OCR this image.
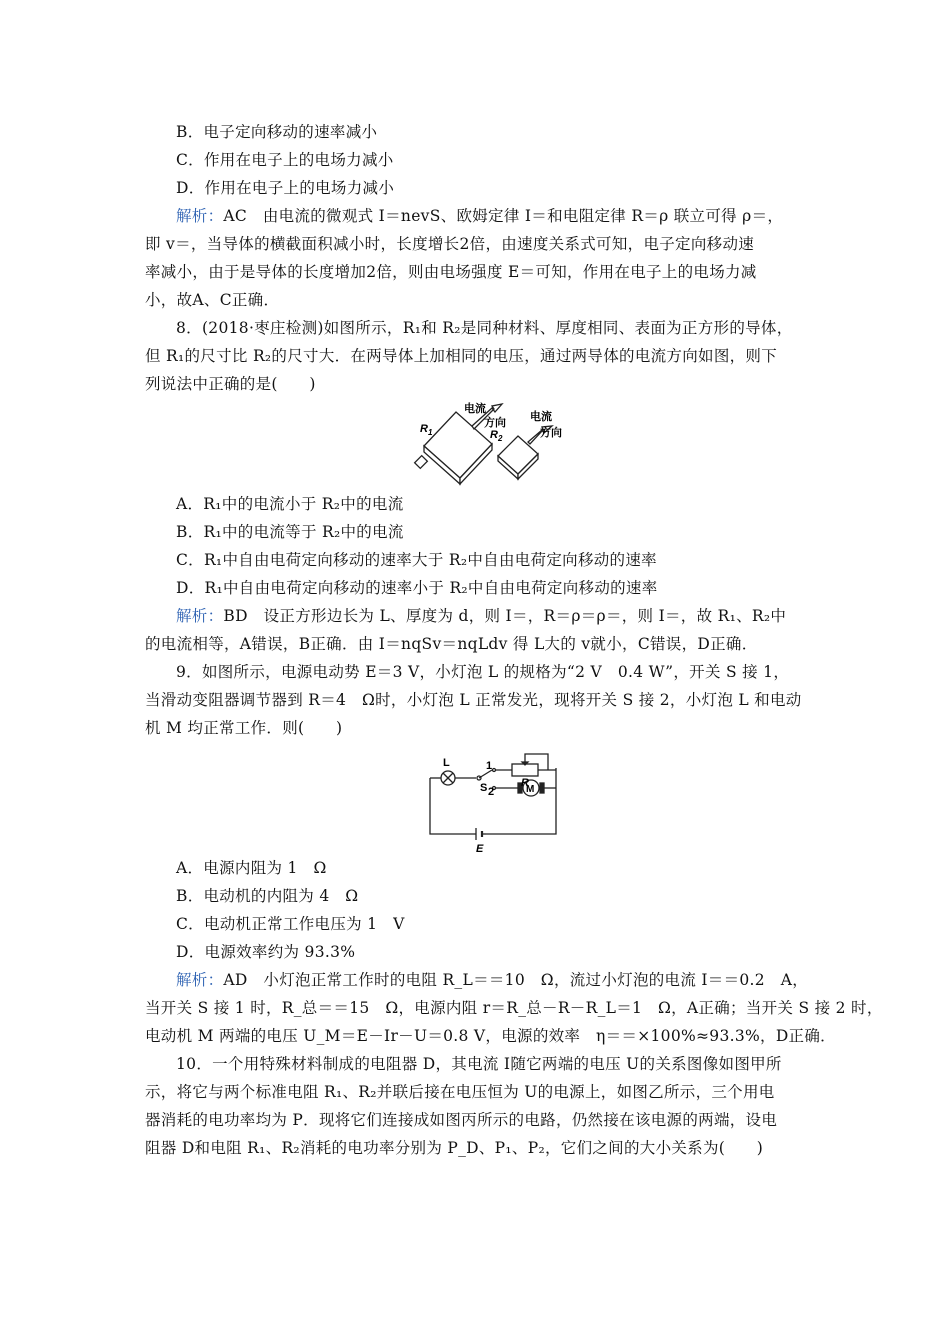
B．电子定向移动的速率减小
C．作用在电子上的电场力减小
D．作用在电子上的电场力减小
解析：AC　由电流的微观式 I＝nevS、欧姆定律 I＝和电阻定律 R＝ρ 联立可得 ρ＝，
即 v＝，当导体的横截面积减小时，长度增长2倍，由速度关系式可知，电子定向移动速
率减小，由于是导体的长度增加2倍，则由电场强度 E＝可知，作用在电子上的电场力减
小，故A、C正确．
8．(2018·枣庄检测)如图所示，R₁和 R₂是同种材料、厚度相同、表面为正方形的导体，
但 R₁的尺寸比 R₂的尺寸大．在两导体上加相同的电压，通过两导体的电流方向如图，则下
列说法中正确的是(　　)
$R_1$
电流
方向
$R_2$
电流
方向
A．R₁中的电流小于 R₂中的电流
B．R₁中的电流等于 R₂中的电流
C．R₁中自由电荷定向移动的速率大于 R₂中自由电荷定向移动的速率
D．R₁中自由电荷定向移动的速率小于 R₂中自由电荷定向移动的速率
解析：BD　设正方形边长为 L、厚度为 d，则 I＝，R＝ρ＝ρ＝，则 I＝，故 R₁、R₂中
的电流相等，A错误，B正确．由 I＝nqSv＝nqLdv 得 L大的 v就小，C错误，D正确．
9．如图所示，电源电动势 E＝3 V，小灯泡 L 的规格为“2 V　0.4 W”，开关 S 接 1，
当滑动变阻器调节器到 R＝4　Ω时，小灯泡 L 正常发光，现将开关 S 接 2，小灯泡 L 和电动
机 M 均正常工作．则(　　)
L	1
S 2
R
M
E
A．电源内阻为 1　Ω
B．电动机的内阻为 4　Ω
C．电动机正常工作电压为 1　V
D．电源效率约为 93.3%
解析：AD　小灯泡正常工作时的电阻 R_L＝＝10　Ω，流过小灯泡的电流 I＝＝0.2　A，
当开关 S 接 1 时，R_总＝＝15　Ω，电源内阻 r＝R_总－R－R_L＝1　Ω，A正确；当开关 S 接 2 时，
电动机 M 两端的电压 U_M＝E－Ir－U＝0.8 V，电源的效率　η＝＝×100%≈93.3%，D正确．
10．一个用特殊材料制成的电阻器 D，其电流 I随它两端的电压 U的关系图像如图甲所
示，将它与两个标准电阻 R₁、R₂并联后接在电压恒为 U的电源上，如图乙所示，三个用电
器消耗的电功率均为 P．现将它们连接成如图丙所示的电路，仍然接在该电源的两端，设电
阻器 D和电阻 R₁、R₂消耗的电功率分别为 P_D、P₁、P₂，它们之间的大小关系为(　　)
